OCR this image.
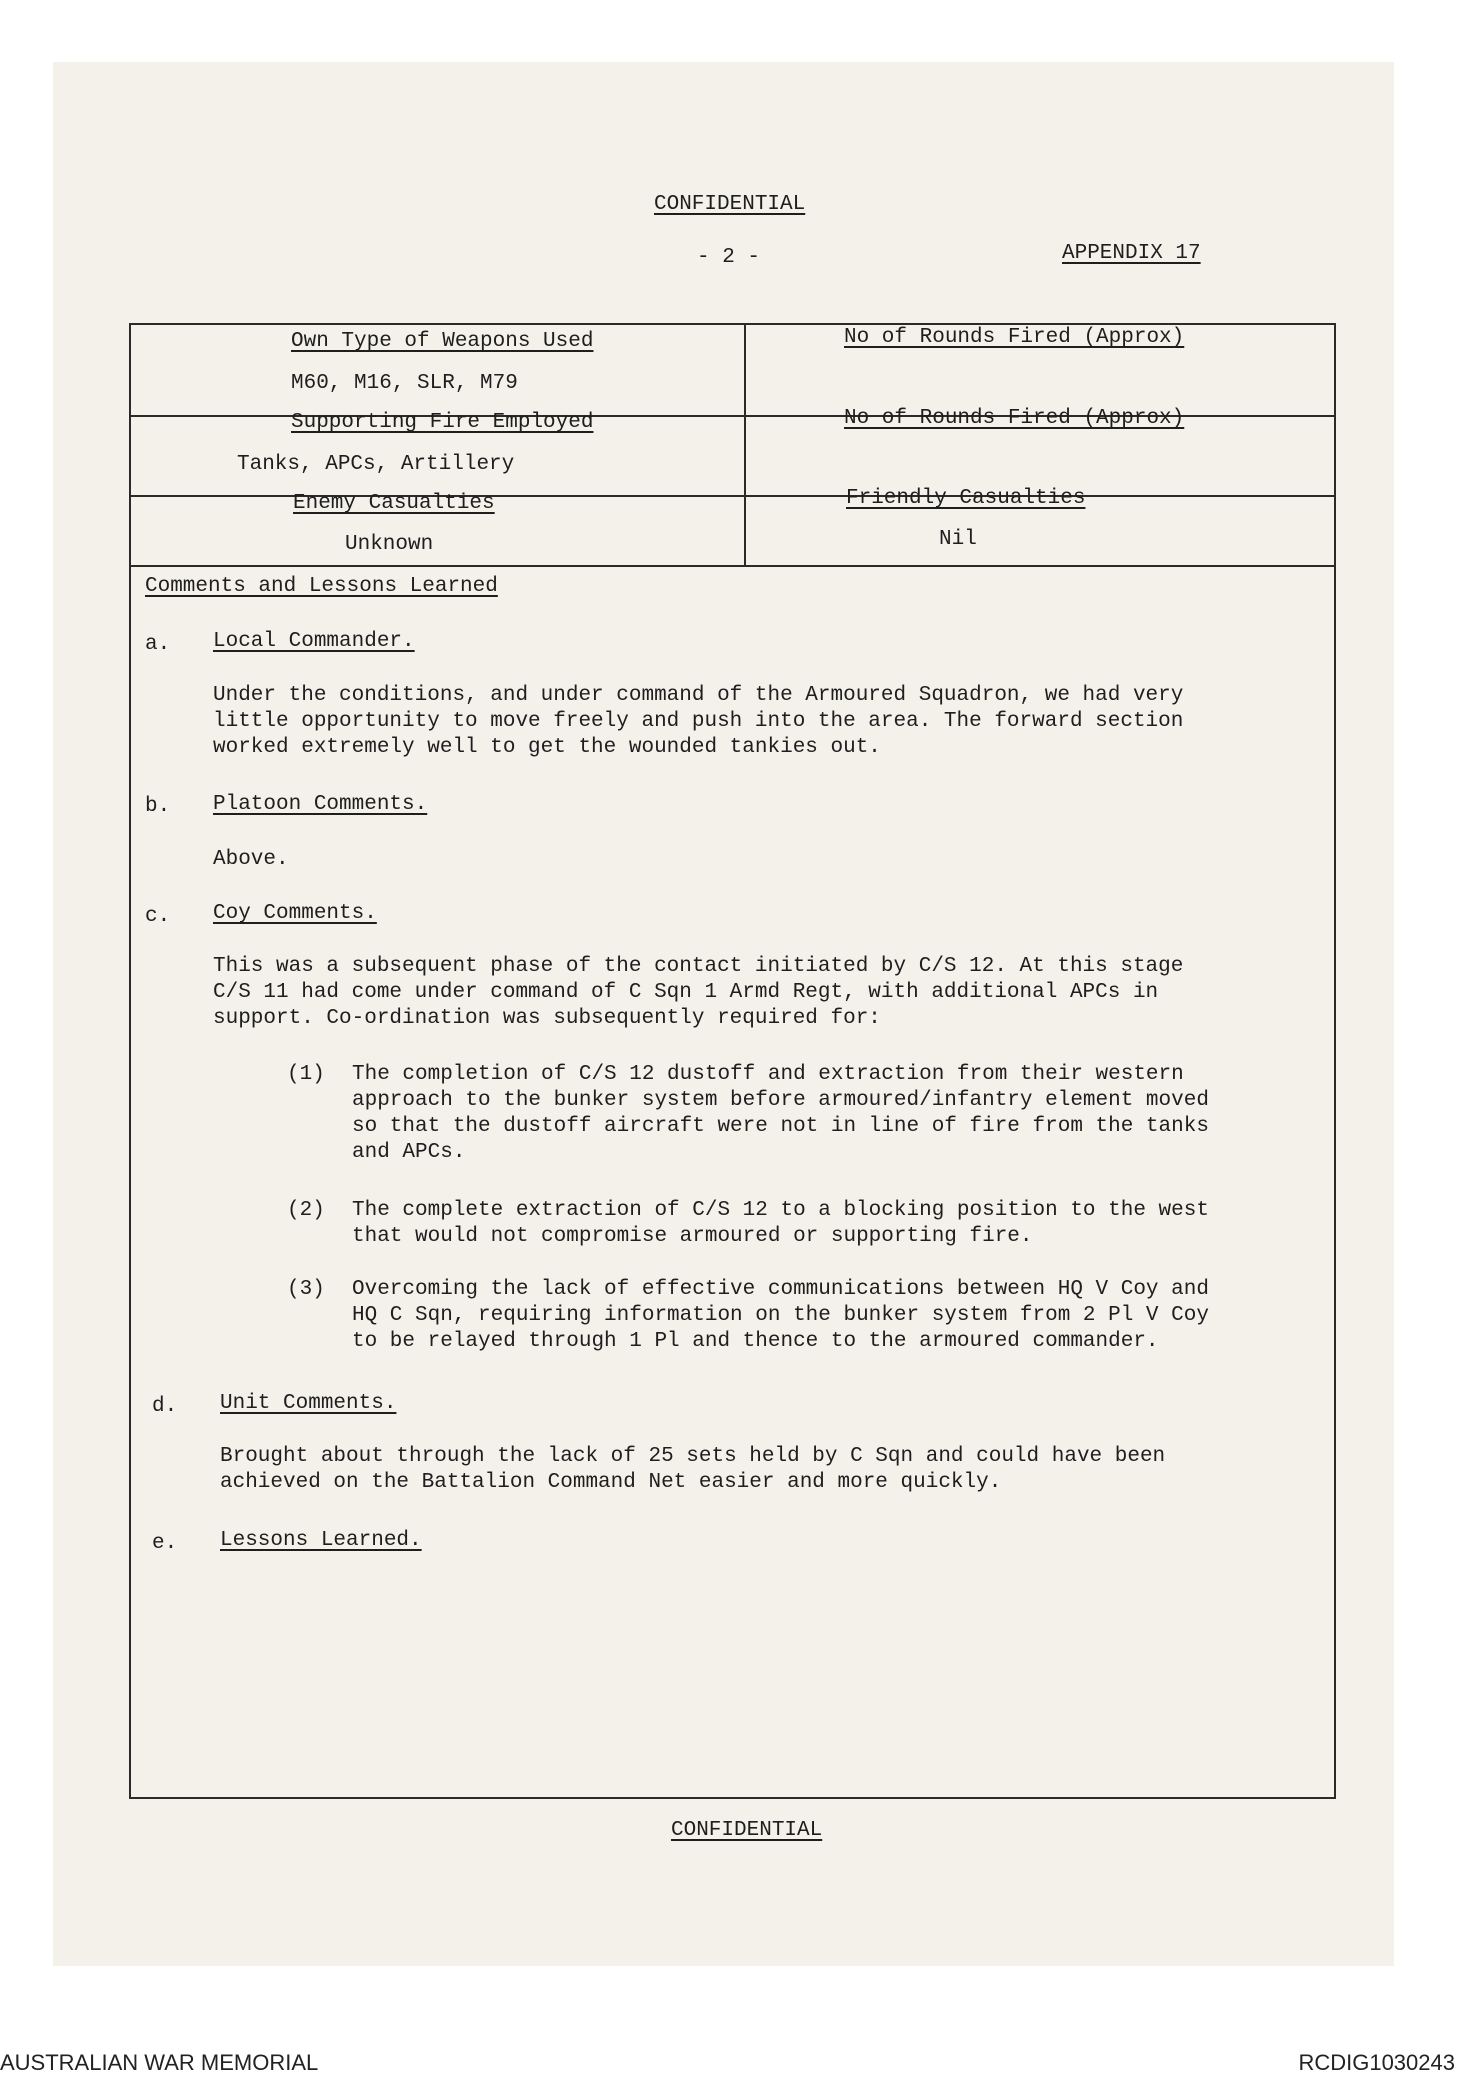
CONFIDENTIAL
- 2 -	APPENDIX 17
Own Type of Weapons Used
M60, M16, SLR, M79
No of Rounds Fired (Approx)
Supporting Fire Employed
Tanks, APCs, Artillery
No of Rounds Fired (Approx)
Enemy Casualties
Unknown
Friendly Casualties
Nil
Comments and Lessons Learned
a. Local Commander.
Under the conditions, and under command of the Armoured Squadron, we had very
little opportunity to move freely and push into the area. The forward section
worked extremely well to get the wounded tankies out.
b. Platoon Comments.
Above.
c. Coy Comments.
This was a subsequent phase of the contact initiated by C/S 12. At this stage
C/S 11 had come under command of C Sqn 1 Armd Regt, with additional APCs in
support. Co-ordination was subsequently required for:
(1) The completion of C/S 12 dustoff and extraction from their western
approach to the bunker system before armoured/infantry element moved
so that the dustoff aircraft were not in line of fire from the tanks
and APCs.
(2) The complete extraction of C/S 12 to a blocking position to the west
that would not compromise armoured or supporting fire.
(3) Overcoming the lack of effective communications between HQ V Coy and
HQ C Sqn, requiring information on the bunker system from 2 Pl V Coy
to be relayed through 1 Pl and thence to the armoured commander.
d. Unit Comments.
Brought about through the lack of 25 sets held by C Sqn and could have been
achieved on the Battalion Command Net easier and more quickly.
e. Lessons Learned.
CONFIDENTIAL
AUSTRALIAN WAR MEMORIAL	RCDIG1030243
